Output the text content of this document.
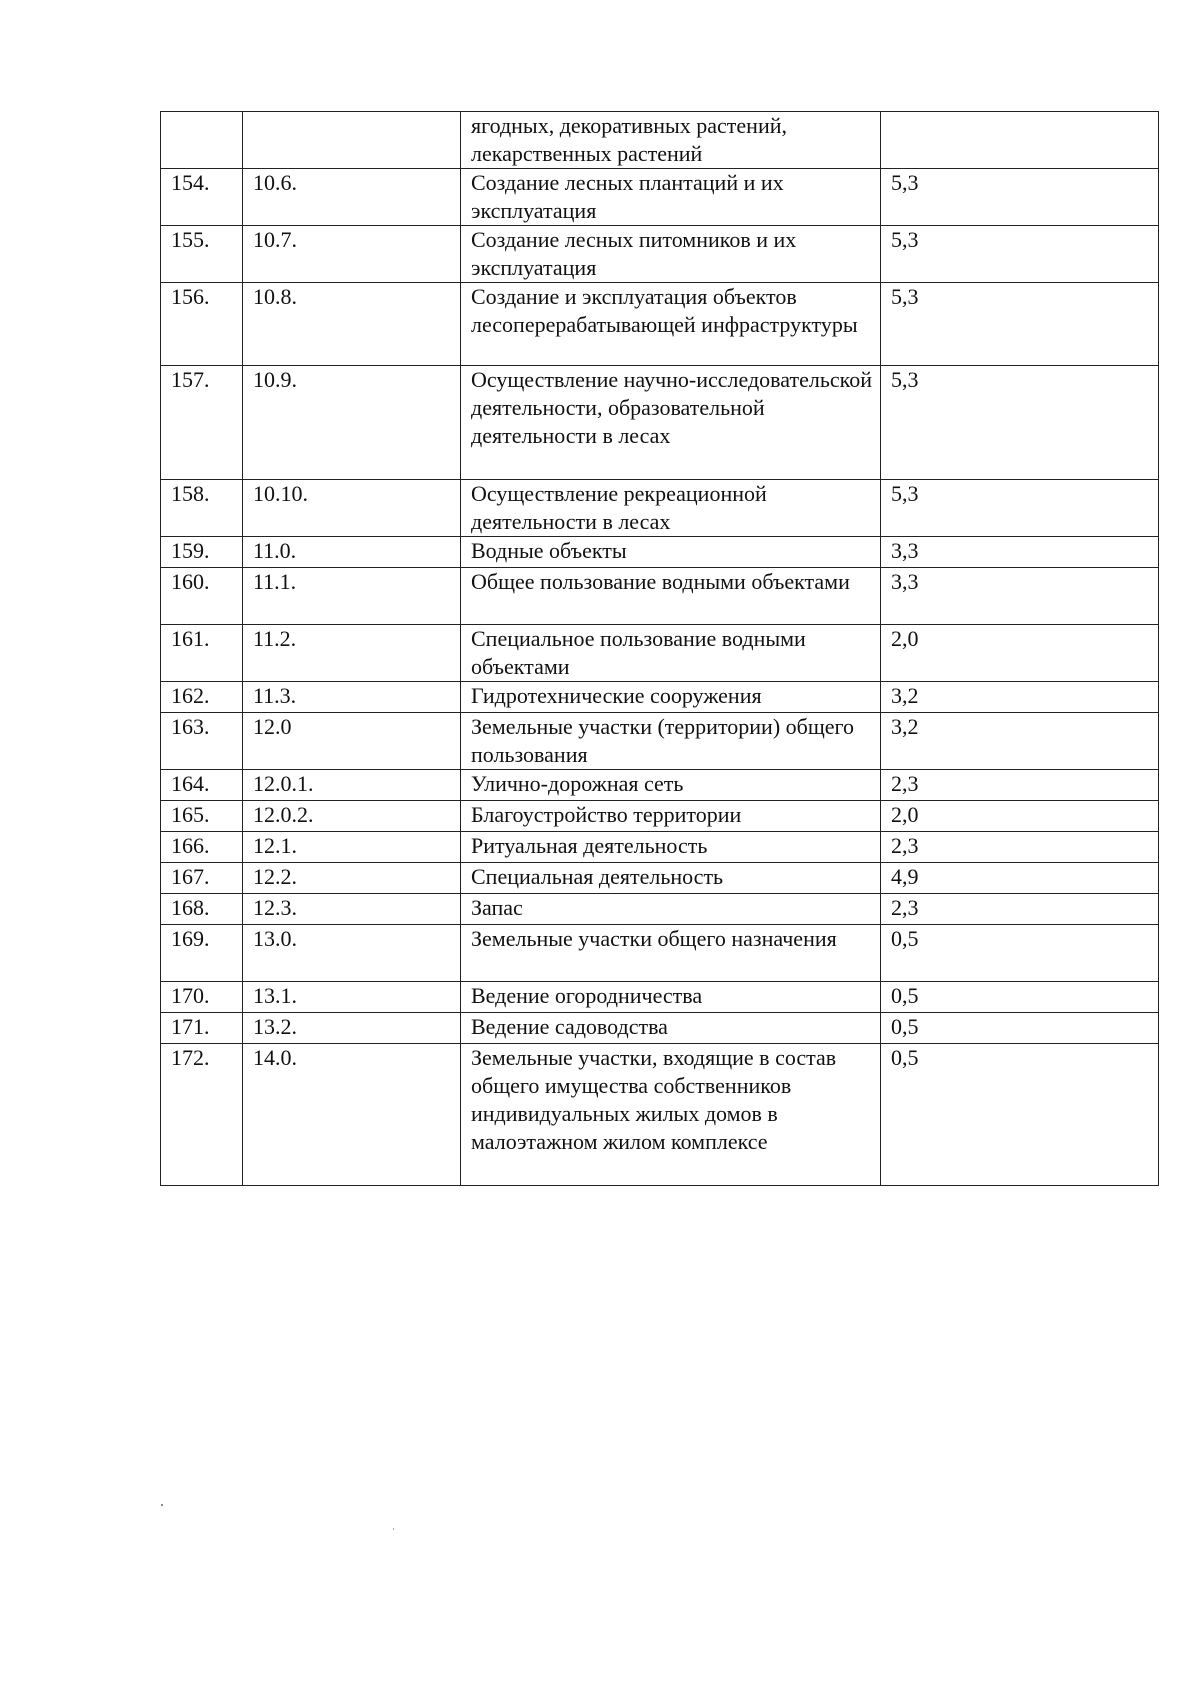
		ягодных, декоративных растений, лекарственных растений	
154.	10.6.	Создание лесных плантаций и их эксплуатация	5,3
155.	10.7.	Создание лесных питомников и их эксплуатация	5,3
156.	10.8.	Создание и эксплуатация объектов лесоперерабатывающей инфраструктуры	5,3
157.	10.9.	Осуществление научно-исследовательской деятельности, образовательной деятельности в лесах	5,3
158.	10.10.	Осуществление рекреационной деятельности в лесах	5,3
159.	11.0.	Водные объекты	3,3
160.	11.1.	Общее пользование водными объектами	3,3
161.	11.2.	Специальное пользование водными объектами	2,0
162.	11.3.	Гидротехнические сооружения	3,2
163.	12.0	Земельные участки (территории) общего пользования	3,2
164.	12.0.1.	Улично-дорожная сеть	2,3
165.	12.0.2.	Благоустройство территории	2,0
166.	12.1.	Ритуальная деятельность	2,3
167.	12.2.	Специальная деятельность	4,9
168.	12.3.	Запас	2,3
169.	13.0.	Земельные участки общего назначения	0,5
170.	13.1.	Ведение огородничества	0,5
171.	13.2.	Ведение садоводства	0,5
172.	14.0.	Земельные участки, входящие в состав общего имущества собственников индивидуальных жилых домов в малоэтажном жилом комплексе	0,5
